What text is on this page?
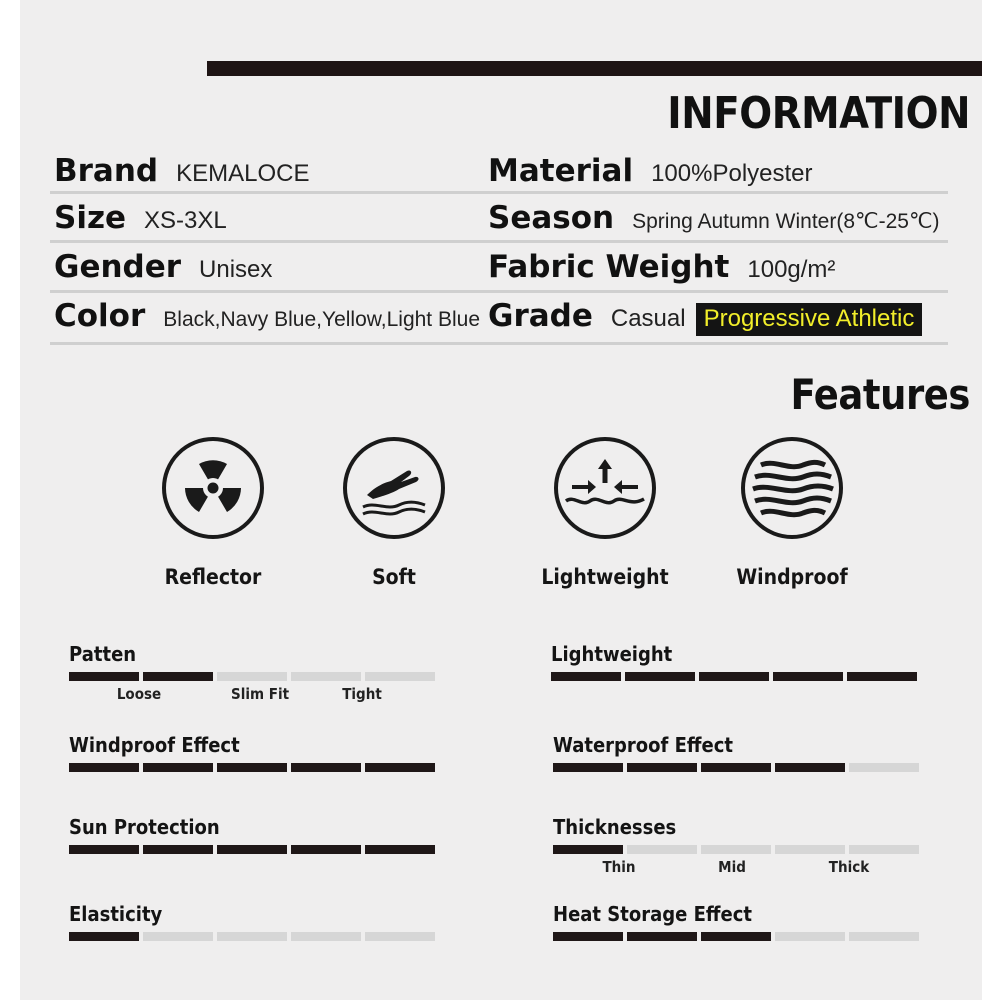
INFORMATION
Brand KEMALOCE	Material 100%Polyester
Size XS-3XL	Season Spring Autumn Winter(8℃-25℃)
Gender Unisex	Fabric Weight 100g/m²
Color Black,Navy Blue,Yellow,Light Blue Grade Casual Progressive Athletic
Features
Reflector	Soft	Lightweight	Windproof
Patten
Loose	Slim Fit	Tight
Lightweight
Windproof Effect	Waterproof Effect
Sun Protection	Thicknesses
Thin	Mid	Thick
Elasticity	Heat Storage Effect
